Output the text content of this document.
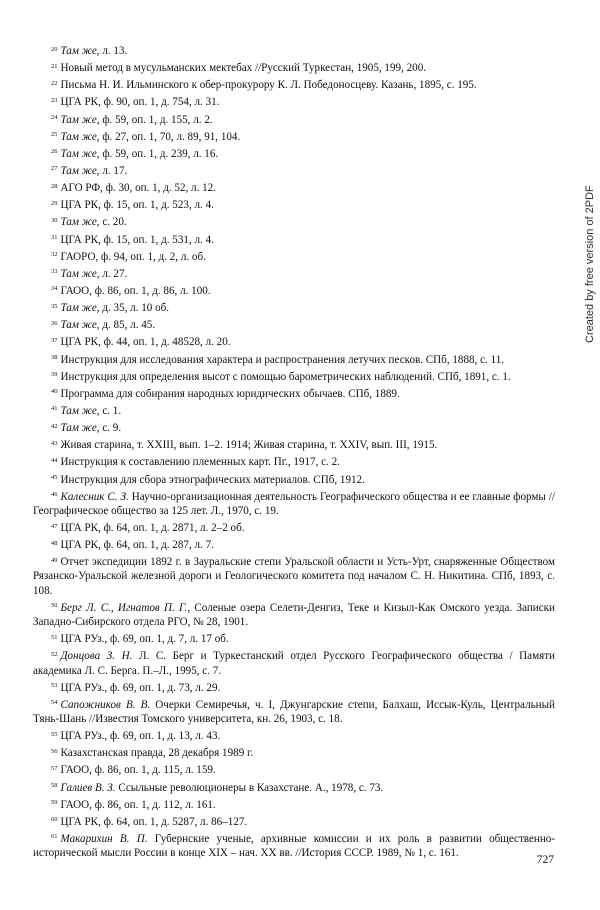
$^{20}$ Там же, л. 13.

$^{21}$ Новый метод в мусульманских мектебах //Русский Туркестан, 1905, 199, 200.

$^{22}$ Письма Н. И. Ильминского к обер-прокурору К. Л. Победоносцеву. Казань, 1895, с. 195.

$^{23}$ ЦГА РК, ф. 90, оп. 1, д. 754, л. 31.

$^{24}$ Там же, ф. 59, оп. 1, д. 155, л. 2.

$^{25}$ Там же, ф. 27, оп. 1, 70, л. 89, 91, 104.

$^{26}$ Там же, ф. 59, оп. 1, д. 239, л. 16.

$^{27}$ Там же, л. 17.

$^{28}$ АГО РФ, ф. 30, оп. 1, д. 52, л. 12.

$^{29}$ ЦГА РК, ф. 15, оп. 1, д. 523, л. 4.

$^{30}$ Там же, с. 20.

$^{31}$ ЦГА РК, ф. 15, оп. 1, д. 531, л. 4.

$^{32}$ ГАОРО, ф. 94, оп. 1, д. 2, л. об.

$^{33}$ Там же, л. 27.

$^{34}$ ГАОО, ф. 86, оп. 1, д. 86, л. 100.

$^{35}$ Там же, д. 35, л. 10 об.

$^{36}$ Там же, д. 85, л. 45.

$^{37}$ ЦГА РК, ф. 44, оп. 1, д. 48528, л. 20.

$^{38}$ Инструкция для исследования характера и распространения летучих песков. СПб, 1888, с. 11.

$^{39}$ Инструкция для определения высот с помощью барометрических наблюдений. СПб, 1891, с. 1.

$^{40}$ Программа для собирания народных юридических обычаев. СПб, 1889.

$^{41}$ Там же, с. 1.

$^{42}$ Там же, с. 9.

$^{43}$ Живая старина, т. XXIII, вып. 1–2. 1914; Живая старина, т. XXIV, вып. III, 1915.

$^{44}$ Инструкция к составлению племенных карт. Пг., 1917, с. 2.

$^{45}$ Инструкция для сбора этнографических материалов. СПб, 1912.

$^{46}$ Калесник С. З. Научно-организационная деятельность Географического общества и ее главные формы //Географическое общество за 125 лет. Л., 1970, с. 19.

$^{47}$ ЦГА РК, ф. 64, оп. 1, д. 2871, л. 2–2 об.

$^{48}$ ЦГА РК, ф. 64, оп. 1, д. 287, л. 7.

$^{49}$ Отчет экспедиции 1892 г. в Зауральские степи Уральской области и Усть-Урт, снаряженные Обществом Рязанско-Уральской железной дороги и Геологического комитета под началом С. Н. Никитина. СПб, 1893, с. 108.

$^{50}$ Берг Л. С., Игнатов П. Г., Соленые озера Селети-Денгиз, Теке и Кизыл-Как Омского уезда. Записки Западно-Сибирского отдела РГО, № 28, 1901.

$^{51}$ ЦГА РУз., ф. 69, оп. 1, д. 7, л. 17 об.

$^{52}$ Донцова З. Н. Л. С. Берг и Туркестанский отдел Русского Географического общества / Памяти академика Л. С. Берга. П.–Л., 1995, с. 7.

$^{53}$ ЦГА РУз., ф. 69, оп. 1, д. 73, л. 29.

$^{54}$ Сапожников В. В. Очерки Семиречья, ч. I, Джунгарские степи, Балхаш, Иссык-Куль, Центральный Тянь-Шань //Известия Томского университета, кн. 26, 1903, с. 18.

$^{55}$ ЦГА РУз., ф. 69, оп. 1, д. 13, л. 43.

$^{56}$ Казахстанская правда, 28 декабря 1989 г.

$^{57}$ ГАОО, ф. 86, оп. 1, д. 115, л. 159.

$^{58}$ Галиев В. З. Ссыльные революционеры в Казахстане. А., 1978, с. 73.

$^{59}$ ГАОО, ф. 86, оп. 1, д. 112, л. 161.

$^{60}$ ЦГА РК, ф. 64, оп. 1, д. 5287, л. 86–127.

$^{61}$ Макарихин В. П. Губернские ученые, архивные комиссии и их роль в развитии общественно-исторической мысли России в конце XIX – нач. XX вв. //История СССР. 1989, № 1, с. 161.

727
Created by free version of 2PDF
